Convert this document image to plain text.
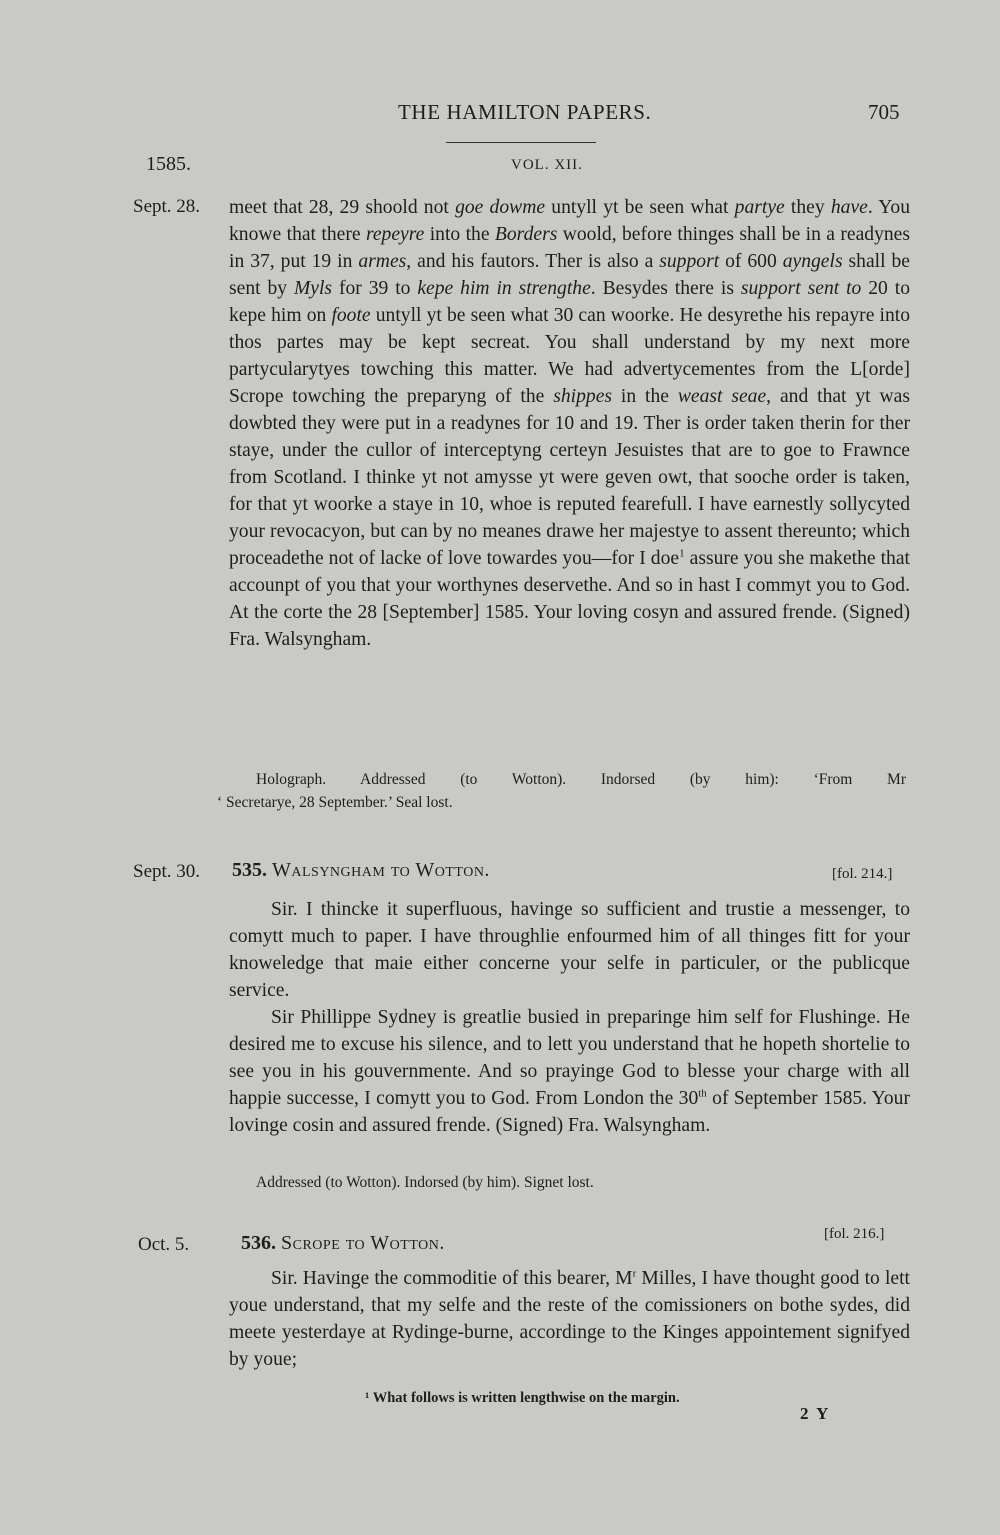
THE HAMILTON PAPERS.	705
1585.	VOL. XII.
Sept. 28. meet that 28, 29 shoold not goe dowme untyll yt be seen what partye they have. You knowe that there repeyre into the Borders woold, before thinges shall be in a readynes in 37, put 19 in armes, and his fautors. Ther is also a support of 600 ayngels shall be sent by Myls for 39 to kepe him in strengthe. Besydes there is support sent to 20 to kepe him on foote untyll yt be seen what 30 can woorke. He desyrethe his repayre into thos partes may be kept secreat. You shall understand by my next more partycularytyes towching this matter. We had advertycementes from the L[orde] Scrope towching the preparyng of the shippes in the weast seae, and that yt was dowbted they were put in a readynes for 10 and 19. Ther is order taken therin for ther staye, under the cullor of interceptyng certeyn Jesuistes that are to goe to Frawnce from Scotland. I thinke yt not amysse yt were geven owt, that sooche order is taken, for that yt woorke a staye in 10, whoe is reputed fearefull. I have earnestly sollycyted your revocacyon, but can by no meanes drawe her majestye to assent thereunto; which proceadethe not of lacke of love towardes you—for I doe$^1$ assure you she makethe that accounpt of you that your worthynes deservethe. And so in hast I commyt you to God. At the corte the 28 [September] 1585. Your loving cosyn and assured frende. (Signed) Fra. Walsyngham.

Holograph. Addressed (to Wotton). Indorsed (by him): ‘From Mr
‘ Secretarye, 28 September.’ Seal lost.
Sept. 30. 535. Walsyngham to Wotton.	[fol. 214.]

Sir. I thincke it superfluous, havinge so sufficient and trustie a messenger, to comytt much to paper. I have throughlie enfourmed him of all thinges fitt for your knoweledge that maie either concerne your selfe in particuler, or the publicque service.

Sir Phillippe Sydney is greatlie busied in preparinge him self for Flushinge. He desired me to excuse his silence, and to lett you understand that he hopeth shortelie to see you in his gouvernmente. And so prayinge God to blesse your charge with all happie successe, I comytt you to God. From London the 30th of September 1585. Your lovinge cosin and assured frende. (Signed) Fra. Walsyngham.

Addressed (to Wotton). Indorsed (by him). Signet lost.
Oct. 5.	536. Scrope to Wotton.	[fol. 216.]

Sir. Havinge the commoditie of this bearer, $M^r$ Milles, I have thought good to lett youe understand, that my selfe and the reste of the comissioners on bothe sydes, did meete yesterdaye at Rydinge-burne, accordinge to the Kinges appointement signifyed by youe;

¹ What follows is written lengthwise on the margin.
2 Y
